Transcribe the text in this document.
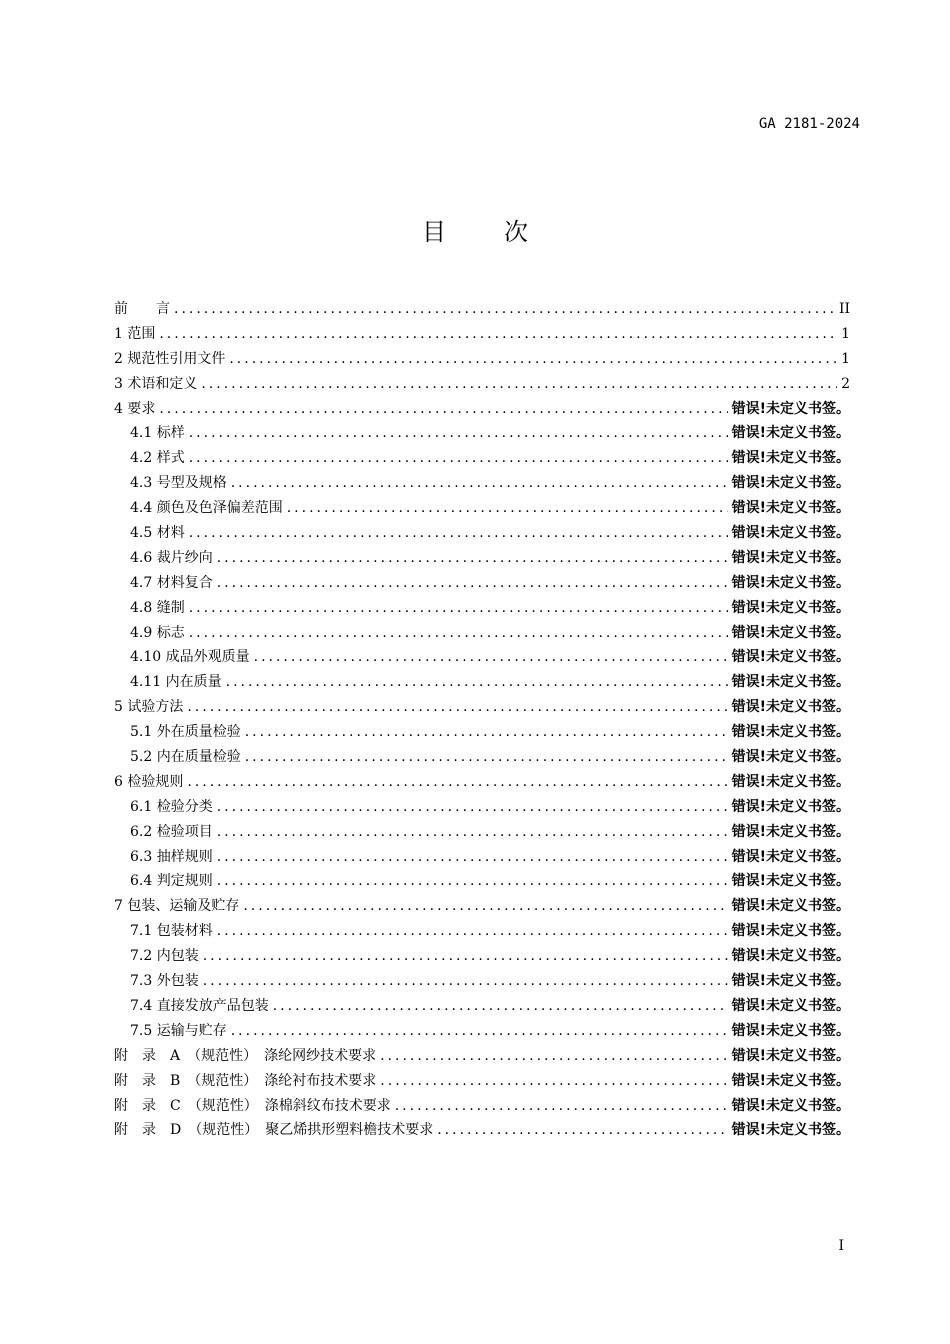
GA 2181-2024
目 次
前　　言 .....	II
1 范围 .....	1
2 规范性引用文件 .....	1
3 术语和定义 .....	2
4 要求 .....	错误!未定义书签。
4.1 标样 .....	错误!未定义书签。
4.2 样式 .....	错误!未定义书签。
4.3 号型及规格 .....	错误!未定义书签。
4.4 颜色及色泽偏差范围 .....	错误!未定义书签。
4.5 材料 .....	错误!未定义书签。
4.6 裁片纱向 .....	错误!未定义书签。
4.7 材料复合 .....	错误!未定义书签。
4.8 缝制 .....	错误!未定义书签。
4.9 标志 .....	错误!未定义书签。
4.10 成品外观质量 .....	错误!未定义书签。
4.11 内在质量 .....	错误!未定义书签。
5 试验方法 .....	错误!未定义书签。
5.1 外在质量检验 .....	错误!未定义书签。
5.2 内在质量检验 .....	错误!未定义书签。
6 检验规则 .....	错误!未定义书签。
6.1 检验分类 .....	错误!未定义书签。
6.2 检验项目 .....	错误!未定义书签。
6.3 抽样规则 .....	错误!未定义书签。
6.4 判定规则 .....	错误!未定义书签。
7 包装、运输及贮存 .....	错误!未定义书签。
7.1 包装材料 .....	错误!未定义书签。
7.2 内包装 .....	错误!未定义书签。
7.3 外包装 .....	错误!未定义书签。
7.4 直接发放产品包装 .....	错误!未定义书签。
7.5 运输与贮存 .....	错误!未定义书签。
附　录　A　（规范性）　涤纶网纱技术要求 .....	错误!未定义书签。
附　录　B　（规范性）　涤纶衬布技术要求 .....	错误!未定义书签。
附　录　C　（规范性）　涤棉斜纹布技术要求 .....	错误!未定义书签。
附　录　D　（规范性）　聚乙烯拱形塑料檐技术要求 .....	错误!未定义书签。
I
